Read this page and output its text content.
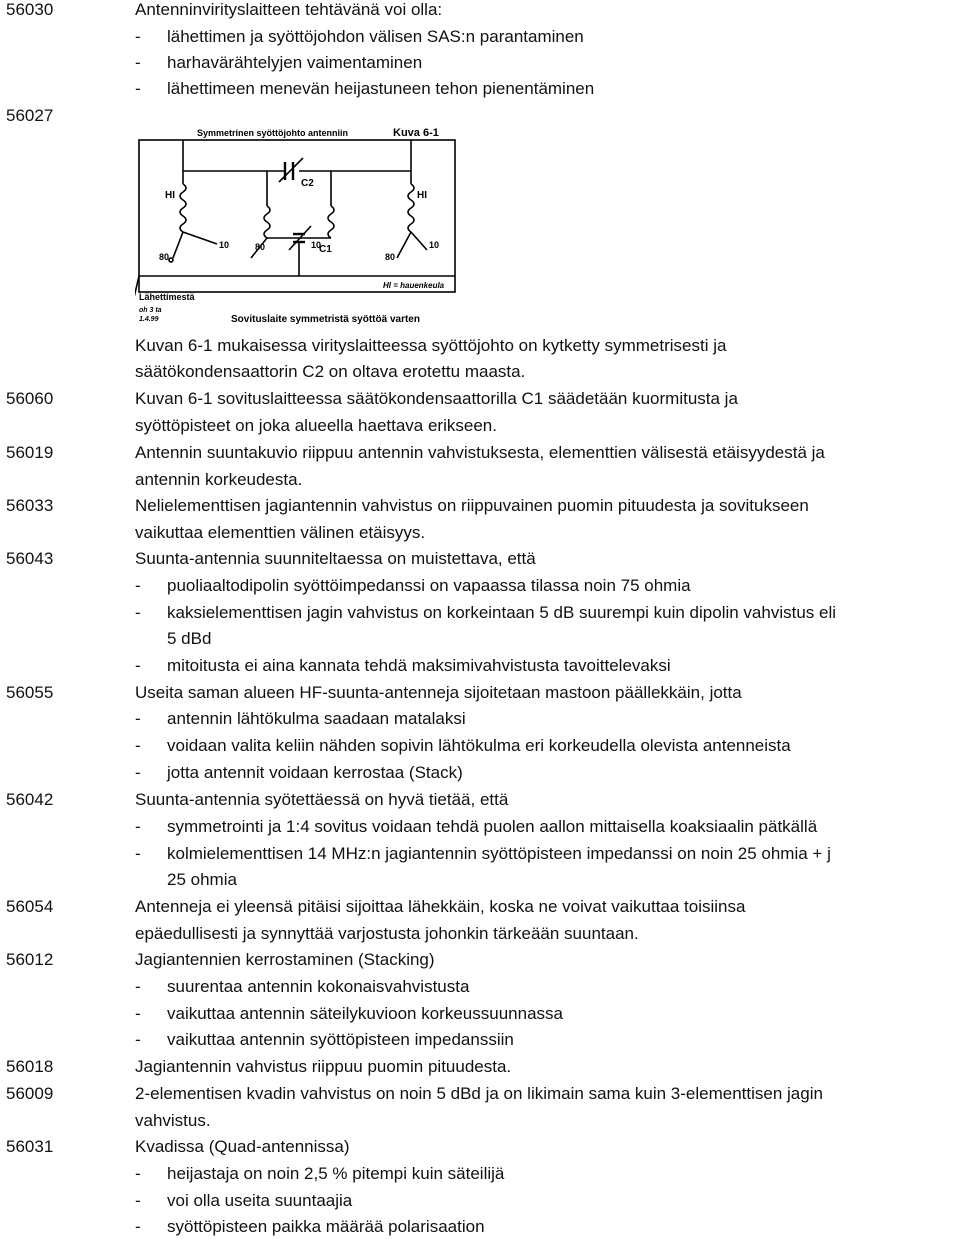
56030	Antenninvirityslaitteen tehtävänä voi olla:
- lähettimen ja syöttöjohdon välisen SAS:n parantaminen
- harhavärähtelyjen vaimentaminen
- lähettimeen menevän heijastuneen tehon pienentäminen
56027
Symmetrinen syöttöjohto antenniin	Kuva 6-1
C2
C1
HI	HI
80
10	80	10
80
10
HI = hauenkeula
Lähettimestä
oh 3 ta
1.4.99	Sovituslaite symmetristä syöttöä varten
Kuvan 6-1 mukaisessa virityslaitteessa syöttöjohto on kytketty symmetrisesti ja
säätökondensaattorin C2 on oltava erotettu maasta.
56060	Kuvan 6-1 sovituslaitteessa säätökondensaattorilla C1 säädetään kuormitusta ja
syöttöpisteet on joka alueella haettava erikseen.
56019	Antennin suuntakuvio riippuu antennin vahvistuksesta, elementtien välisestä etäisyydestä ja
antennin korkeudesta.
56033	Nelielementtisen jagiantennin vahvistus on riippuvainen puomin pituudesta ja sovitukseen
vaikuttaa elementtien välinen etäisyys.
56043	Suunta-antennia suunniteltaessa on muistettava, että
- puoliaaltodipolin syöttöimpedanssi on vapaassa tilassa noin 75 ohmia
- kaksielementtisen jagin vahvistus on korkeintaan 5 dB suurempi kuin dipolin vahvistus eli
5 dBd
- mitoitusta ei aina kannata tehdä maksimivahvistusta tavoittelevaksi
56055	Useita saman alueen HF-suunta-antenneja sijoitetaan mastoon päällekkäin, jotta
- antennin lähtökulma saadaan matalaksi
- voidaan valita keliin nähden sopivin lähtökulma eri korkeudella olevista antenneista
- jotta antennit voidaan kerrostaa (Stack)
56042	Suunta-antennia syötettäessä on hyvä tietää, että
- symmetrointi ja 1:4 sovitus voidaan tehdä puolen aallon mittaisella koaksiaalin pätkällä
- kolmielementtisen 14 MHz:n jagiantennin syöttöpisteen impedanssi on noin 25 ohmia + j
25 ohmia
56054	Antenneja ei yleensä pitäisi sijoittaa lähekkäin, koska ne voivat vaikuttaa toisiinsa
epäedullisesti ja synnyttää varjostusta johonkin tärkeään suuntaan.
56012	Jagiantennien kerrostaminen (Stacking)
- suurentaa antennin kokonaisvahvistusta
- vaikuttaa antennin säteilykuvioon korkeussuunnassa
- vaikuttaa antennin syöttöpisteen impedanssiin
56018	Jagiantennin vahvistus riippuu puomin pituudesta.
56009	2-elementisen kvadin vahvistus on noin 5 dBd ja on likimain sama kuin 3-elementtisen jagin
vahvistus.
56031	Kvadissa (Quad-antennissa)
- heijastaja on noin 2,5 % pitempi kuin säteilijä
- voi olla useita suuntaajia
- syöttöpisteen paikka määrää polarisaation
